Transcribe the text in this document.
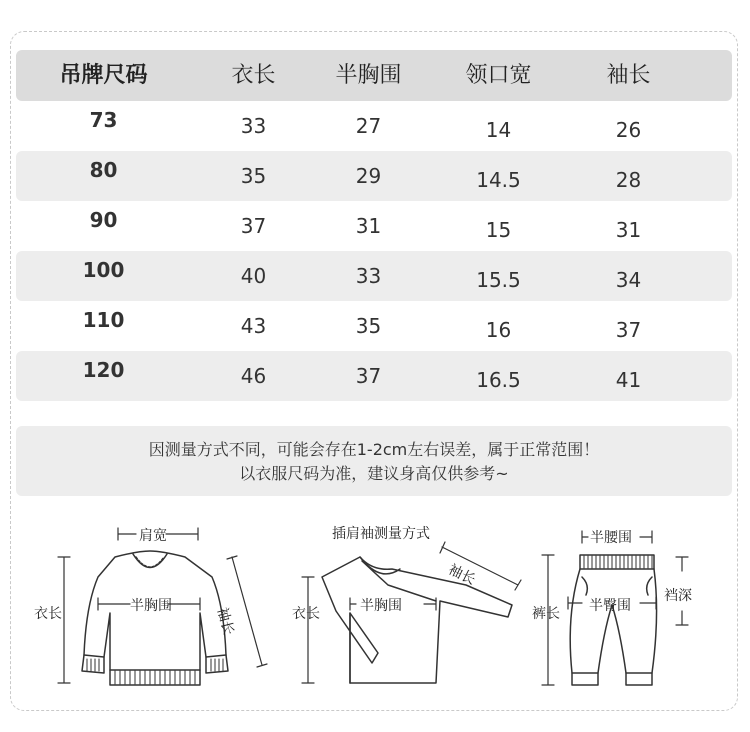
吊牌尺码	衣长	半胸围	领口宽	袖长
73	33	27	14	26
80	35	29	14.5	28
90	37	31	15	31
100	40	33	15.5	34
110	43	35	16	37
120	46	37	16.5	41
因测量方式不同，可能会存在1-2cm左右误差，属于正常范围！
以衣服尺码为准，建议身高仅供参考~
肩宽
衣长	半胸围	袖长
插肩袖测量方式
袖长
衣长	半胸围
半腰围
裆深
裤长 半臀围
